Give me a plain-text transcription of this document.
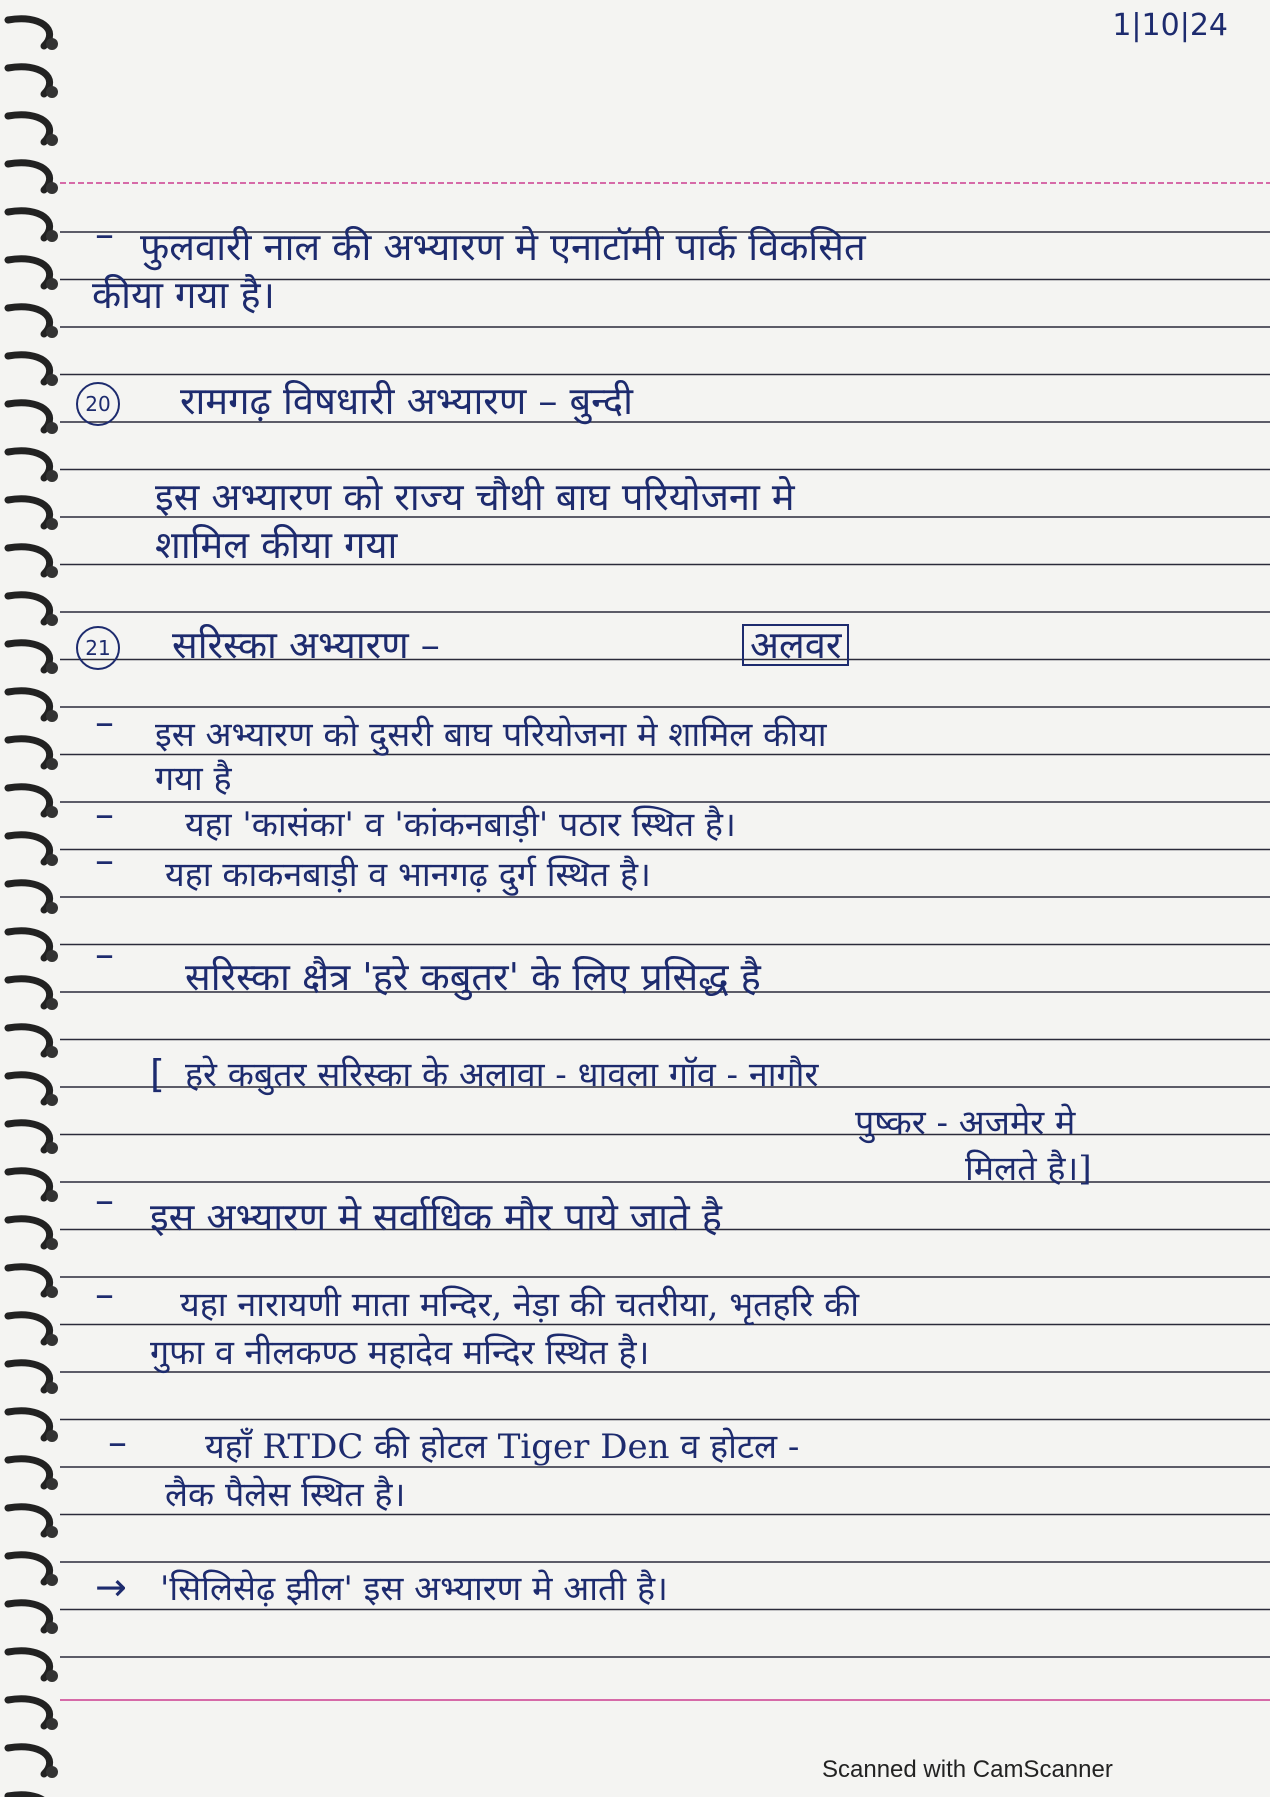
1|10|24
– फुलवारी नाल की अभ्यारण मे एनाटॉमी पार्क विकसित
कीया गया है।
20 रामगढ़ विषधारी अभ्यारण – बुन्दी
इस अभ्यारण को राज्य चौथी बाघ परियोजना मे
शामिल कीया गया
21 सरिस्का अभ्यारण –	अलवर
– इस अभ्यारण को दुसरी बाघ परियोजना मे शामिल कीया
गया है
– यहा 'कासंका' व 'कांकनबाड़ी' पठार स्थित है।
– यहा काकनबाड़ी व भानगढ़ दुर्ग स्थित है।
–
सरिस्का क्षैत्र 'हरे कबुतर' के लिए प्रसिद्ध है
[ हरे कबुतर सरिस्का के अलावा - धावला गॉव - नागौर
पुष्कर - अजमेर मे
मिलते है।]
– इस अभ्यारण मे सर्वाधिक मौर पाये जाते है
– यहा नारायणी माता मन्दिर, नेड़ा की चतरीया, भृतहरि की
गुफा व नीलकण्ठ महादेव मन्दिर स्थित है।
– यहाँ RTDC की होटल Tiger Den व होटल -
लैक पैलेस स्थित है।
→ 'सिलिसेढ़ झील' इस अभ्यारण मे आती है।
Scanned with CamScanner
